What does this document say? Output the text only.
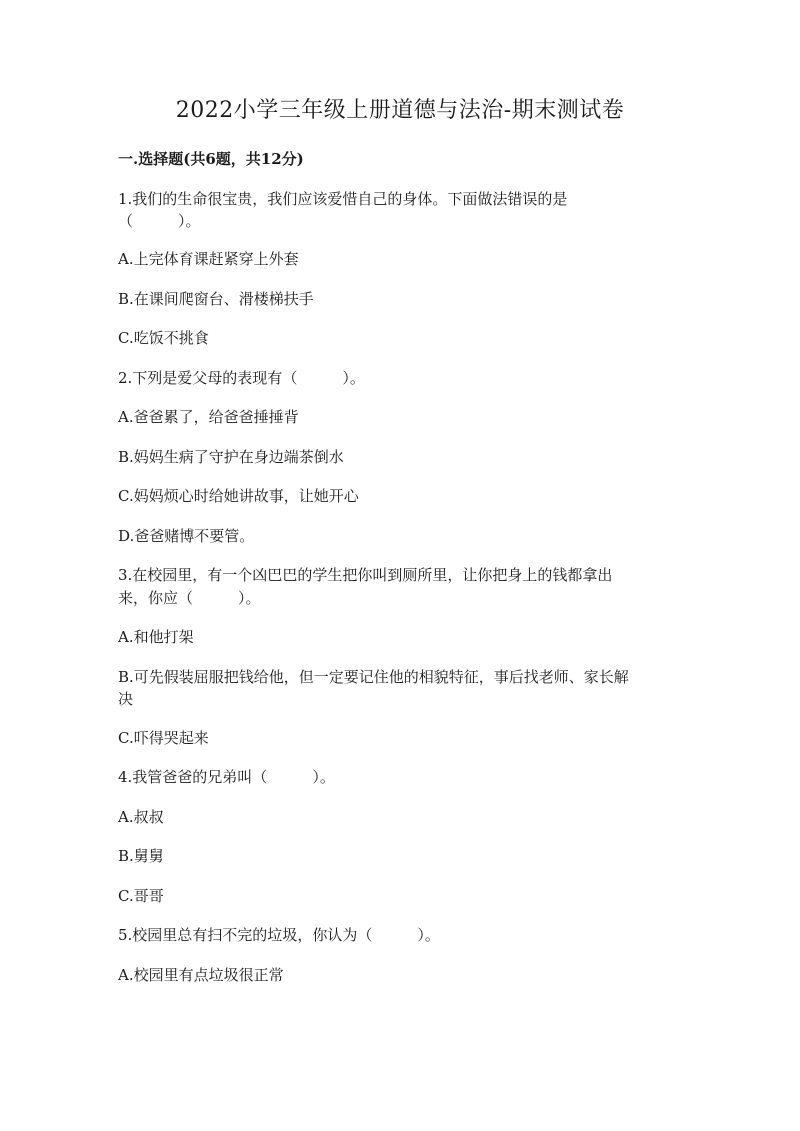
2022小学三年级上册道德与法治-期末测试卷
一.选择题(共6题，共12分)
1.我们的生命很宝贵，我们应该爱惜自己的身体。下面做法错误的是
（　　　）。
A.上完体育课赶紧穿上外套
B.在课间爬窗台、滑楼梯扶手
C.吃饭不挑食
2.下列是爱父母的表现有（　　　）。
A.爸爸累了，给爸爸捶捶背
B.妈妈生病了守护在身边端茶倒水
C.妈妈烦心时给她讲故事，让她开心
D.爸爸赌博不要管。
3.在校园里，有一个凶巴巴的学生把你叫到厕所里，让你把身上的钱都拿出
来，你应（　　　）。
A.和他打架
B.可先假装屈服把钱给他，但一定要记住他的相貌特征，事后找老师、家长解
决
C.吓得哭起来
4.我管爸爸的兄弟叫（　　　）。
A.叔叔
B.舅舅
C.哥哥
5.校园里总有扫不完的垃圾，你认为（　　　）。
A.校园里有点垃圾很正常
